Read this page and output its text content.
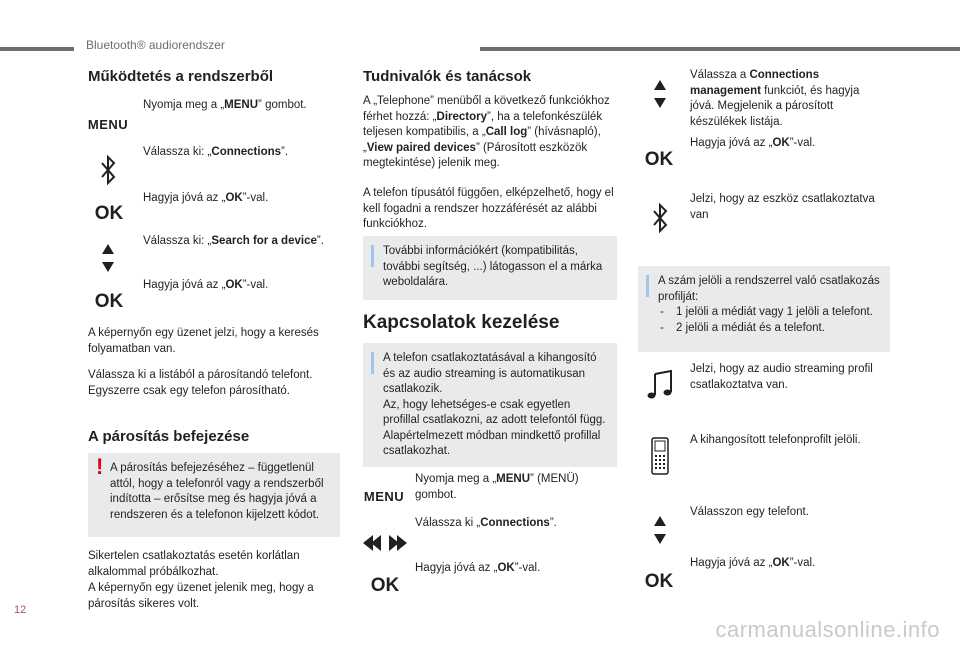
Bluetooth® audiorendszer
Működtetés a rendszerből
MENU
Nyomja meg a „MENU” gombot.
Válassza ki: „Connections”.
OK
Hagyja jóvá az „OK”-val.
Válassza ki: „Search for a device”.
OK
Hagyja jóvá az „OK”-val.
A képernyőn egy üzenet jelzi, hogy a keresés folyamatban van.
Válassza ki a listából a párosítandó telefont. Egyszerre csak egy telefon párosítható.
A párosítás befejezése
! A párosítás befejezéséhez – függetlenül attól, hogy a telefonról vagy a rendszerből indította – erősítse meg és hagyja jóvá a rendszeren és a telefonon kijelzett kódot.
Sikertelen csatlakoztatás esetén korlátlan alkalommal próbálkozhat.
A képernyőn egy üzenet jelenik meg, hogy a párosítás sikeres volt.
Tudnivalók és tanácsok
A „Telephone” menüből a következő funkciókhoz férhet hozzá: „Directory”, ha a telefonkészülék teljesen kompatibilis, a „Call log” (hívásnapló), „View paired devices” (Párosított eszközök megtekintése) jelenik meg.
A telefon típusától függően, elképzelhető, hogy el kell fogadni a rendszer hozzáférését az alábbi funkciókhoz.
További információkért (kompatibilitás, további segítség, ...) látogasson el a márka weboldalára.
Kapcsolatok kezelése
A telefon csatlakoztatásával a kihangosító és az audio streaming is automatikusan csatlakozik.
Az, hogy lehetséges-e csak egyetlen profillal csatlakozni, az adott telefontól függ. Alapértelmezett módban mindkettő profillal csatlakozhat.
MENU
Nyomja meg a „MENU” (MENÜ) gombot.
Válassza ki „Connections”.
OK
Hagyja jóvá az „OK”-val.
Válassza a Connections management funkciót, és hagyja jóvá. Megjelenik a párosított készülékek listája.
OK
Hagyja jóvá az „OK”-val.
Jelzi, hogy az eszköz csatlakoztatva van
A szám jelöli a rendszerrel való csatlakozás profilját:
- 1 jelöli a médiát vagy 1 jelöli a telefont.
- 2 jelöli a médiát és a telefont.
Jelzi, hogy az audio streaming profil csatlakoztatva van.
A kihangosított telefonprofilt jelöli.
Válasszon egy telefont.
OK
Hagyja jóvá az „OK”-val.
12
carmanualsonline.info
